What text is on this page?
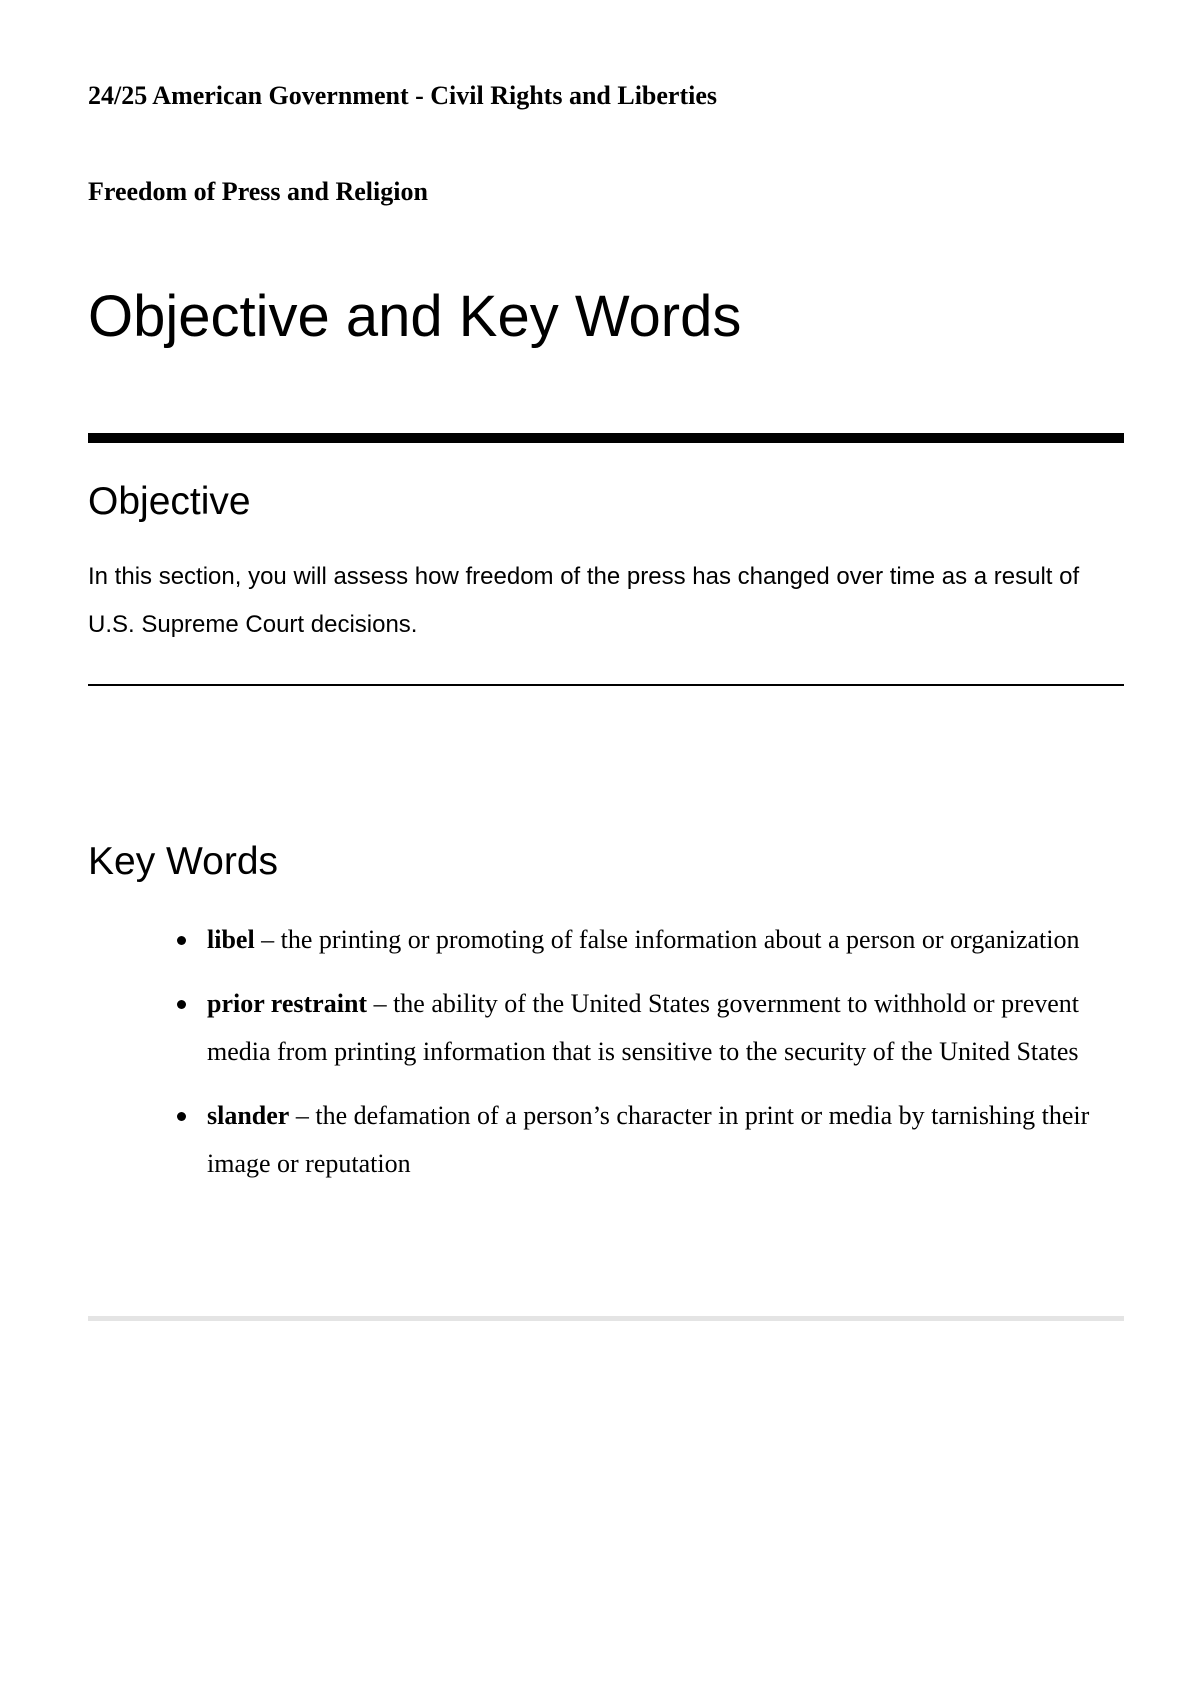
24/25 American Government - Civil Rights and Liberties

Freedom of Press and Religion

Objective and Key Words
Objective

In this section, you will assess how freedom of the press has changed over time as a result of U.S. Supreme Court decisions.

Key Words
libel – the printing or promoting of false information about a person or organization
prior restraint – the ability of the United States government to withhold or prevent media from printing information that is sensitive to the security of the United States
slander – the defamation of a person’s character in print or media by tarnishing their image or reputation
